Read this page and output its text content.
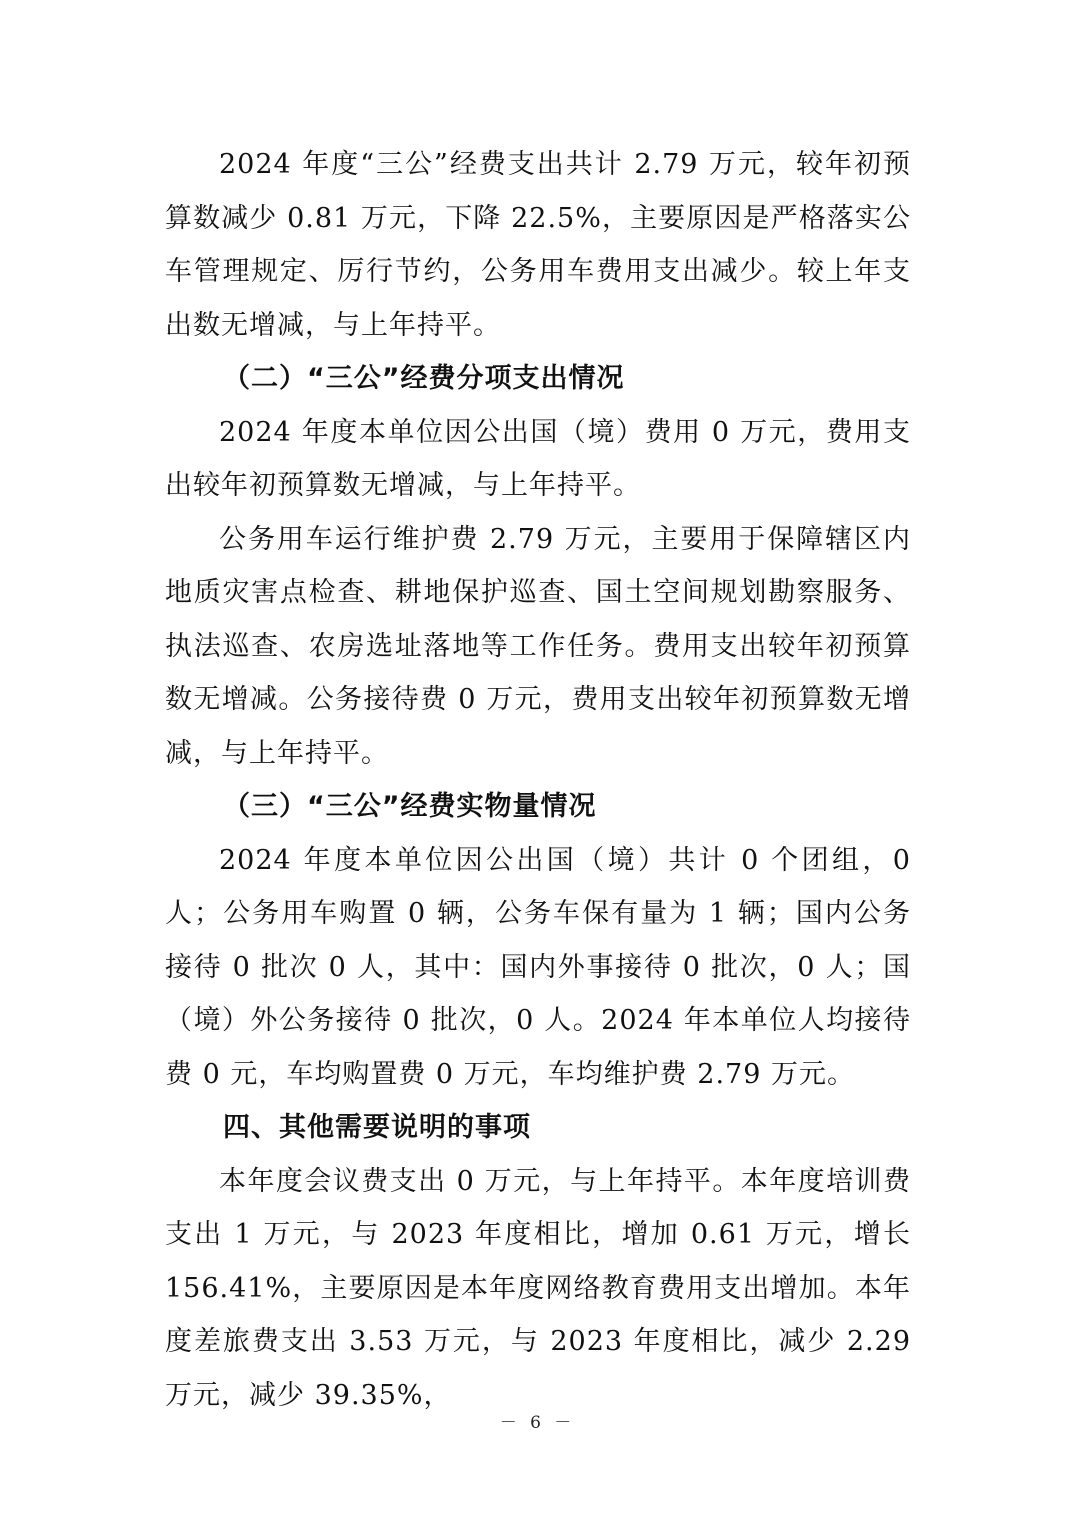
2024 年度“三公”经费支出共计 2.79 万元，较年初预算数减少 0.81 万元，下降 22.5%，主要原因是严格落实公车管理规定、厉行节约，公务用车费用支出减少。较上年支出数无增减，与上年持平。

（二）“三公”经费分项支出情况

2024 年度本单位因公出国（境）费用 0 万元，费用支出较年初预算数无增减，与上年持平。

公务用车运行维护费 2.79 万元，主要用于保障辖区内地质灾害点检查、耕地保护巡查、国土空间规划勘察服务、执法巡查、农房选址落地等工作任务。费用支出较年初预算数无增减。公务接待费 0 万元，费用支出较年初预算数无增减，与上年持平。

（三）“三公”经费实物量情况

2024 年度本单位因公出国（境）共计 0 个团组，0 人；公务用车购置 0 辆，公务车保有量为 1 辆；国内公务接待 0 批次 0 人，其中：国内外事接待 0 批次，0 人；国（境）外公务接待 0 批次，0 人。2024 年本单位人均接待费 0 元，车均购置费 0 万元，车均维护费 2.79 万元。

四、其他需要说明的事项

本年度会议费支出 0 万元，与上年持平。本年度培训费支出 1 万元，与 2023 年度相比，增加 0.61 万元，增长 156.41%，主要原因是本年度网络教育费用支出增加。本年度差旅费支出 3.53 万元，与 2023 年度相比，减少 2.29 万元，减少 39.35%，

－ 6 －
